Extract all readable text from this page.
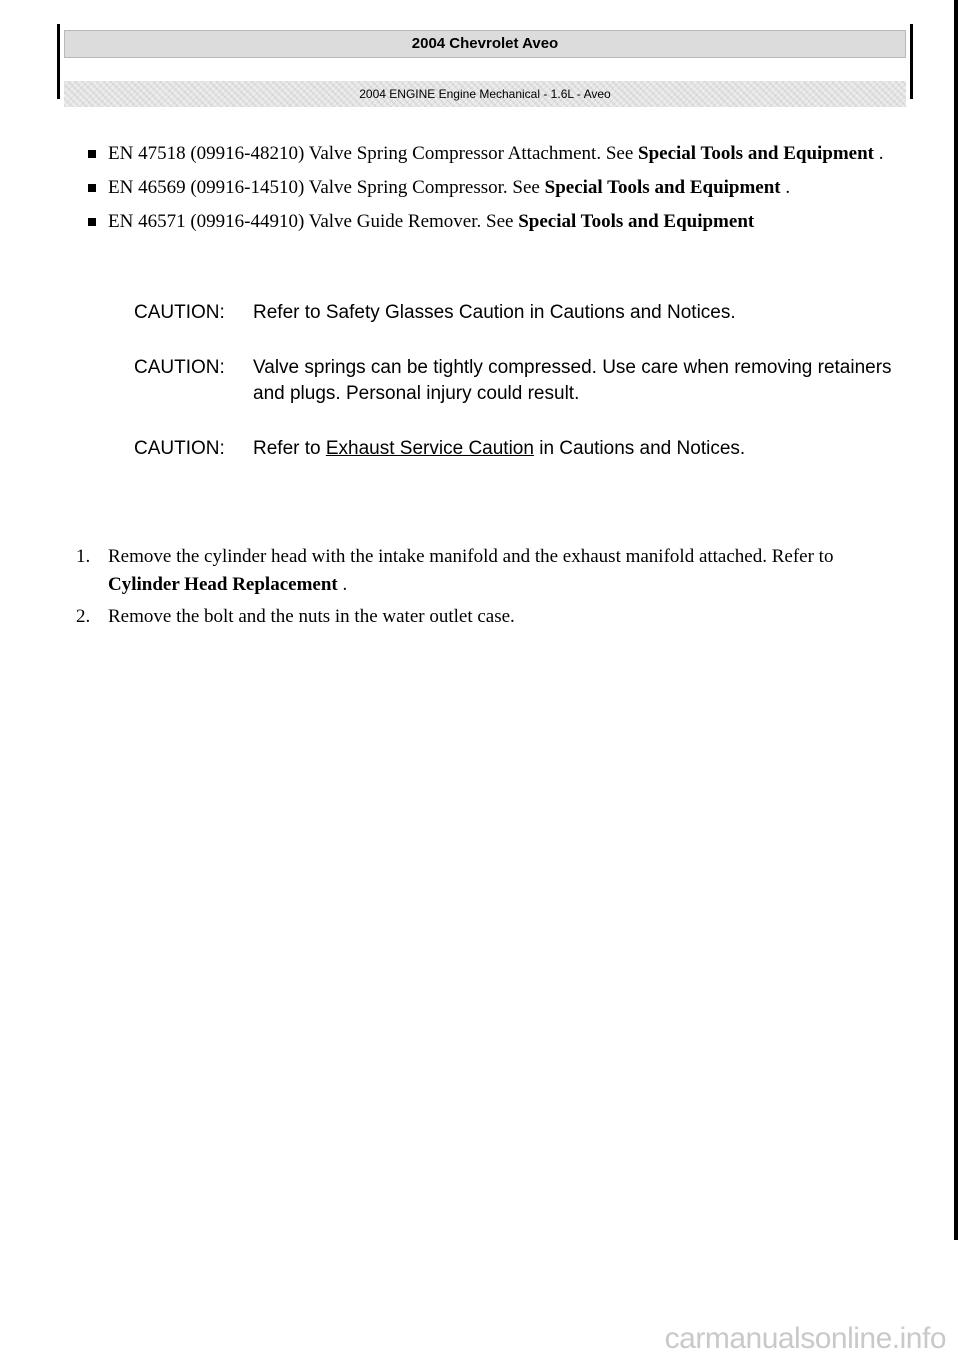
2004 Chevrolet Aveo
2004 ENGINE Engine Mechanical - 1.6L - Aveo
EN 47518 (09916-48210) Valve Spring Compressor Attachment. See Special Tools and Equipment .
EN 46569 (09916-14510) Valve Spring Compressor. See Special Tools and Equipment .
EN 46571 (09916-44910) Valve Guide Remover. See Special Tools and Equipment
CAUTION:	Refer to Safety Glasses Caution in Cautions and Notices.
CAUTION:	Valve springs can be tightly compressed. Use care when removing retainers and plugs. Personal injury could result.
CAUTION:	Refer to Exhaust Service Caution in Cautions and Notices.
1. Remove the cylinder head with the intake manifold and the exhaust manifold attached. Refer to Cylinder Head Replacement .
2. Remove the bolt and the nuts in the water outlet case.
carmanualsonline.info
